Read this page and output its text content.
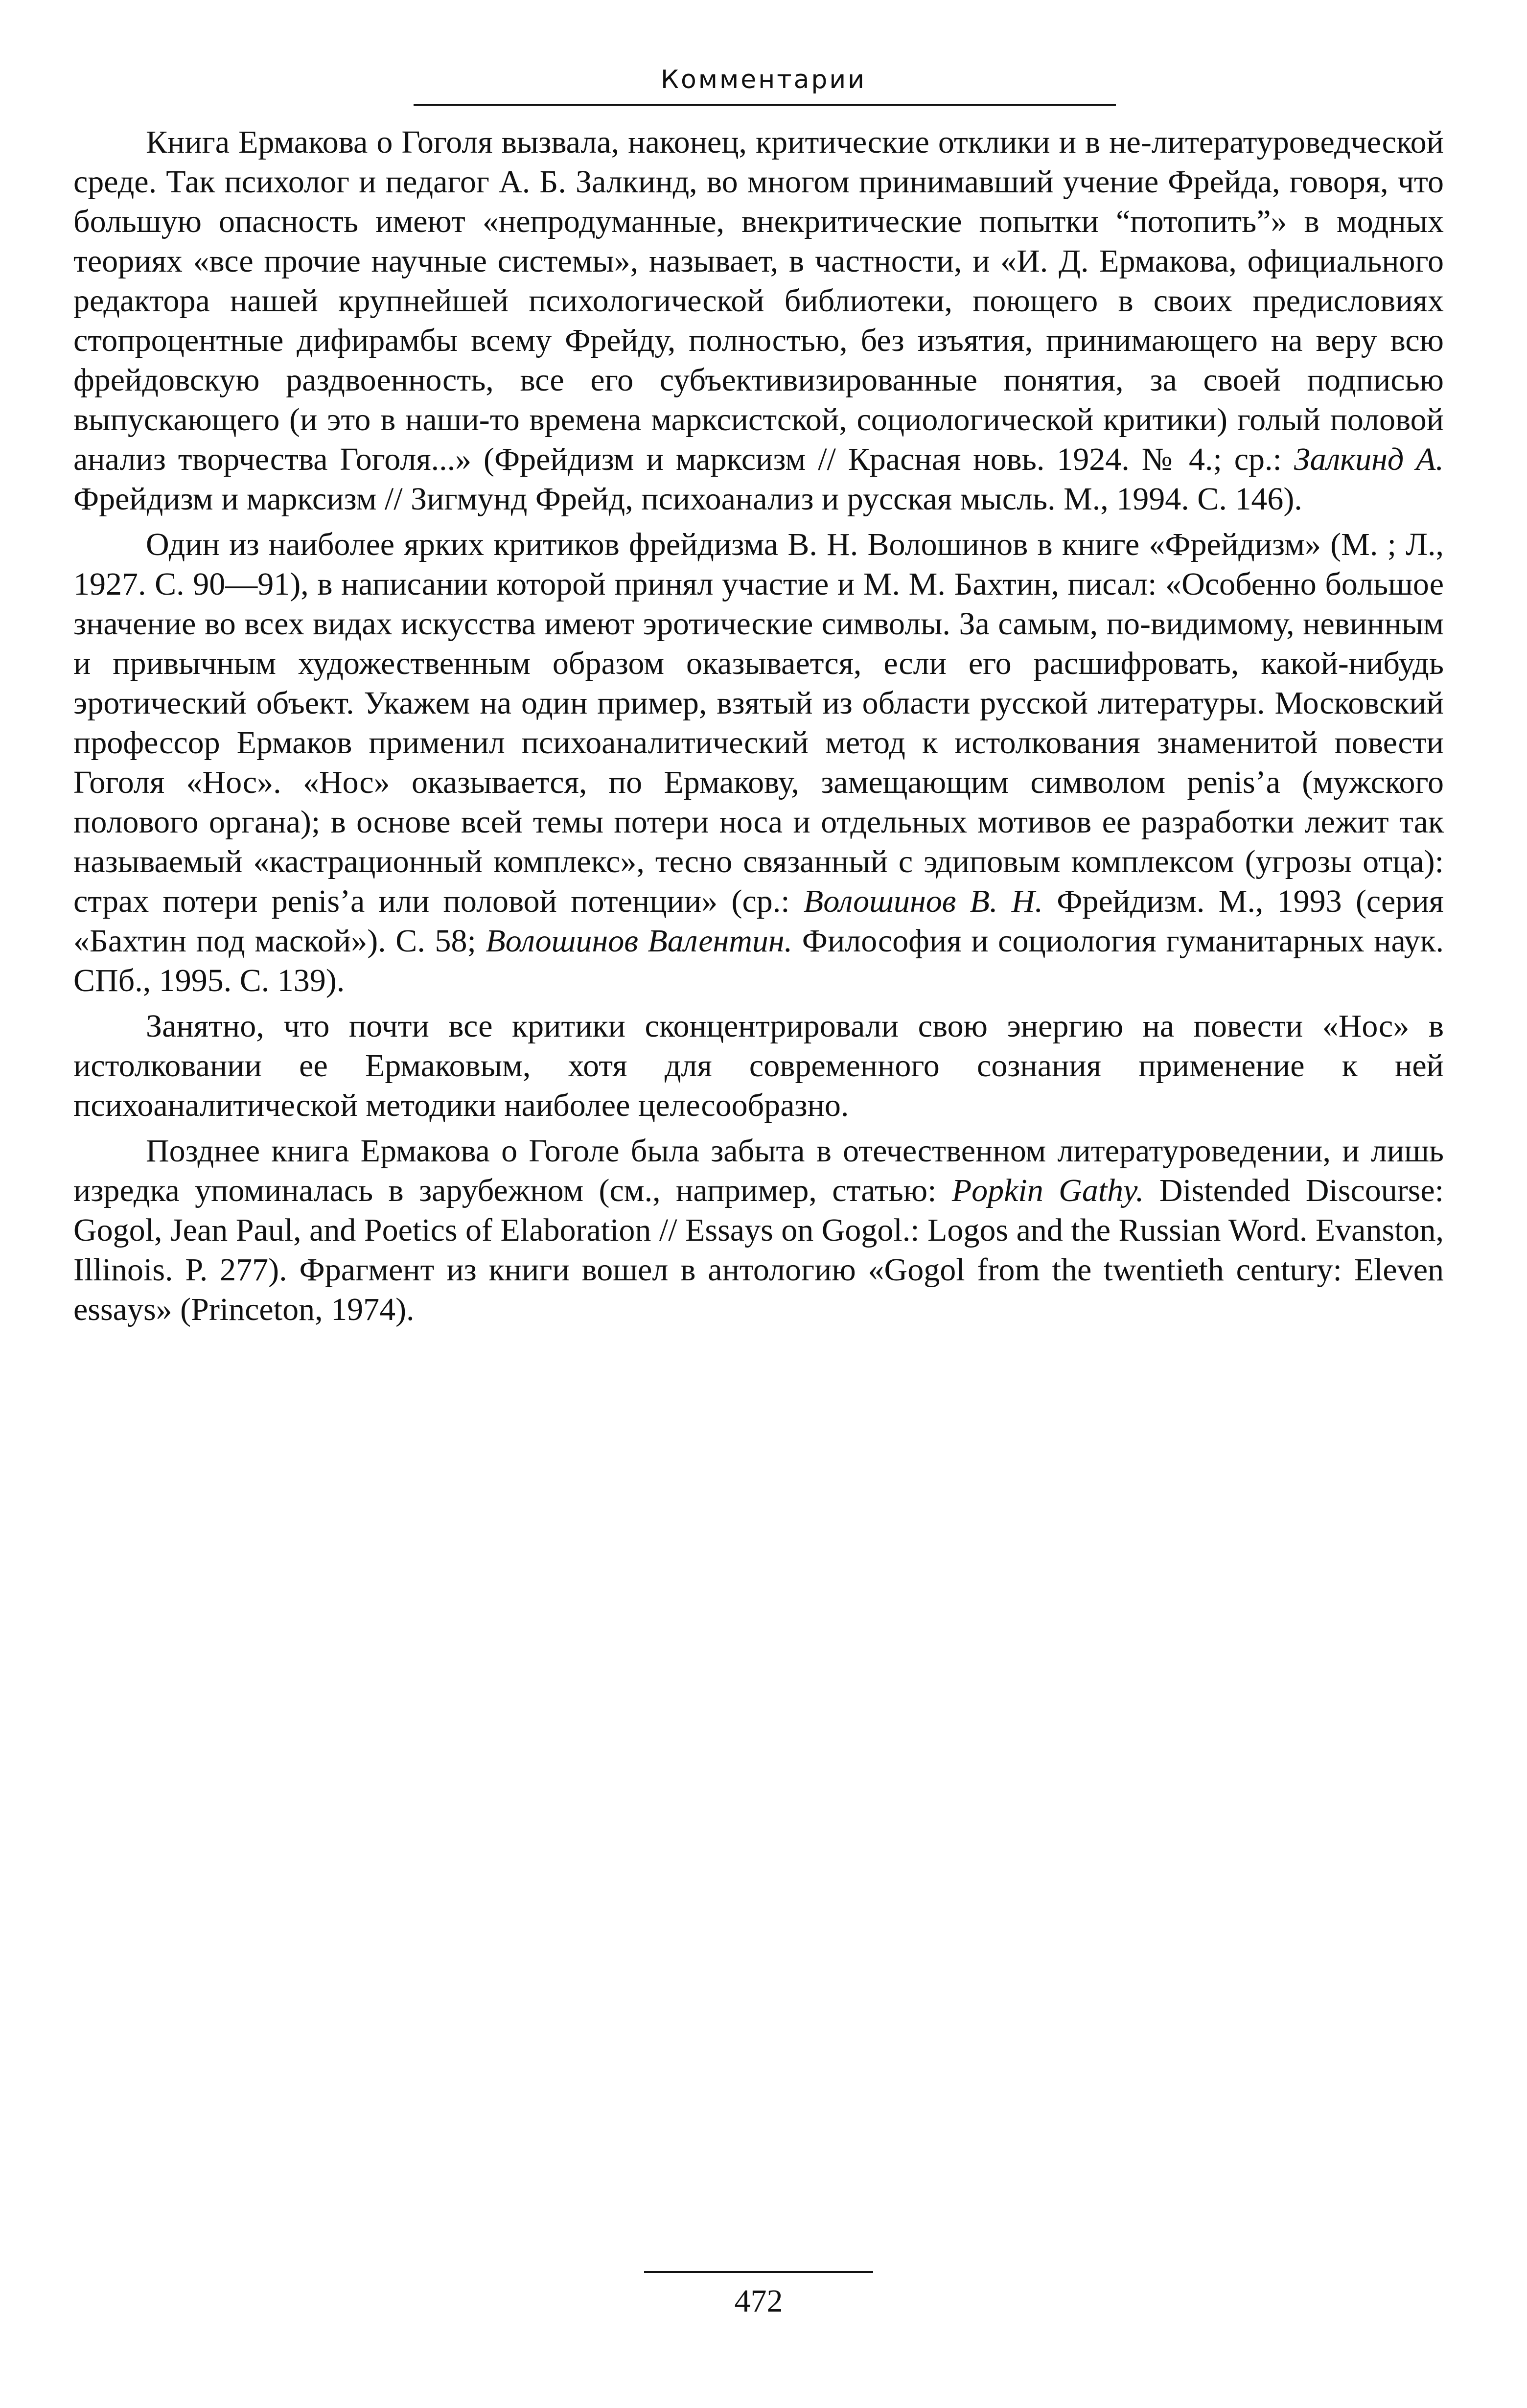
Комментарии

Книга Ермакова о Гоголя вызвала, наконец, критические отклики и в не-литературоведческой среде. Так психолог и педагог А. Б. Залкинд, во многом принимавший учение Фрейда, говоря, что большую опасность имеют «непродуманные, внекритические попытки “потопить”» в модных теориях «все прочие научные системы», называет, в частности, и «И. Д. Ермакова, официального редактора нашей крупнейшей психологической библиотеки, поющего в своих предисловиях стопроцентные дифирамбы всему Фрейду, полностью, без изъятия, принимающего на веру всю фрейдовскую раздвоенность, все его субъективизированные понятия, за своей подписью выпускающего (и это в наши-то времена марксистской, социологической критики) голый половой анализ творчества Гоголя...» (Фрейдизм и марксизм // Красная новь. 1924. № 4.; ср.: Залкинд А. Фрейдизм и марксизм // Зигмунд Фрейд, психоанализ и русская мысль. М., 1994. С. 146).

Один из наиболее ярких критиков фрейдизма В. Н. Волошинов в книге «Фрейдизм» (М. ; Л., 1927. С. 90—91), в написании которой принял участие и М. М. Бахтин, писал: «Особенно большое значение во всех видах искусства имеют эротические символы. За самым, по-видимому, невинным и привычным художественным образом оказывается, если его расшифровать, какой-нибудь эротический объект. Укажем на один пример, взятый из области русской литературы. Московский профессор Ермаков применил психоаналитический метод к истолкования знаменитой повести Гоголя «Нос». «Нос» оказывается, по Ермакову, замещающим символом penis’a (мужского полового органа); в основе всей темы потери носа и отдельных мотивов ее разработки лежит так называемый «кастрационный комплекс», тесно связанный с эдиповым комплексом (угрозы отца): страх потери penis’a или половой потенции» (ср.: Волошинов В. Н. Фрейдизм. М., 1993 (серия «Бахтин под маской»). С. 58; Волошинов Валентин. Философия и социология гуманитарных наук. СПб., 1995. С. 139).

Занятно, что почти все критики сконцентрировали свою энергию на повести «Нос» в истолковании ее Ермаковым, хотя для современного сознания применение к ней психоаналитической методики наиболее целесообразно.

Позднее книга Ермакова о Гоголе была забыта в отечественном литературоведении, и лишь изредка упоминалась в зарубежном (см., например, статью: Popkin Gathy. Distended Discourse: Gogol, Jean Paul, and Poetics of Elaboration // Essays on Gogol.: Logos and the Russian Word. Evanston, Illinois. P. 277). Фрагмент из книги вошел в антологию «Gogol from the twentieth century: Eleven essays» (Princeton, 1974).

472
